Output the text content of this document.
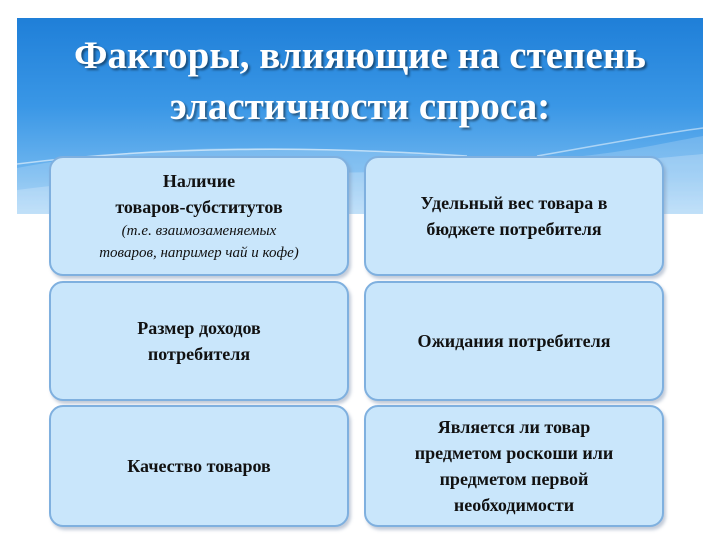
Факторы, влияющие на степень
эластичности спроса:
Наличие
товаров-субститутов
(т.е. взаимозаменяемых
товаров, например чай и кофе)
Удельный вес товара в
бюджете потребителя
Размер доходов
потребителя
Ожидания потребителя
Качество товаров
Является ли товар
предметом роскоши или
предметом первой
необходимости
